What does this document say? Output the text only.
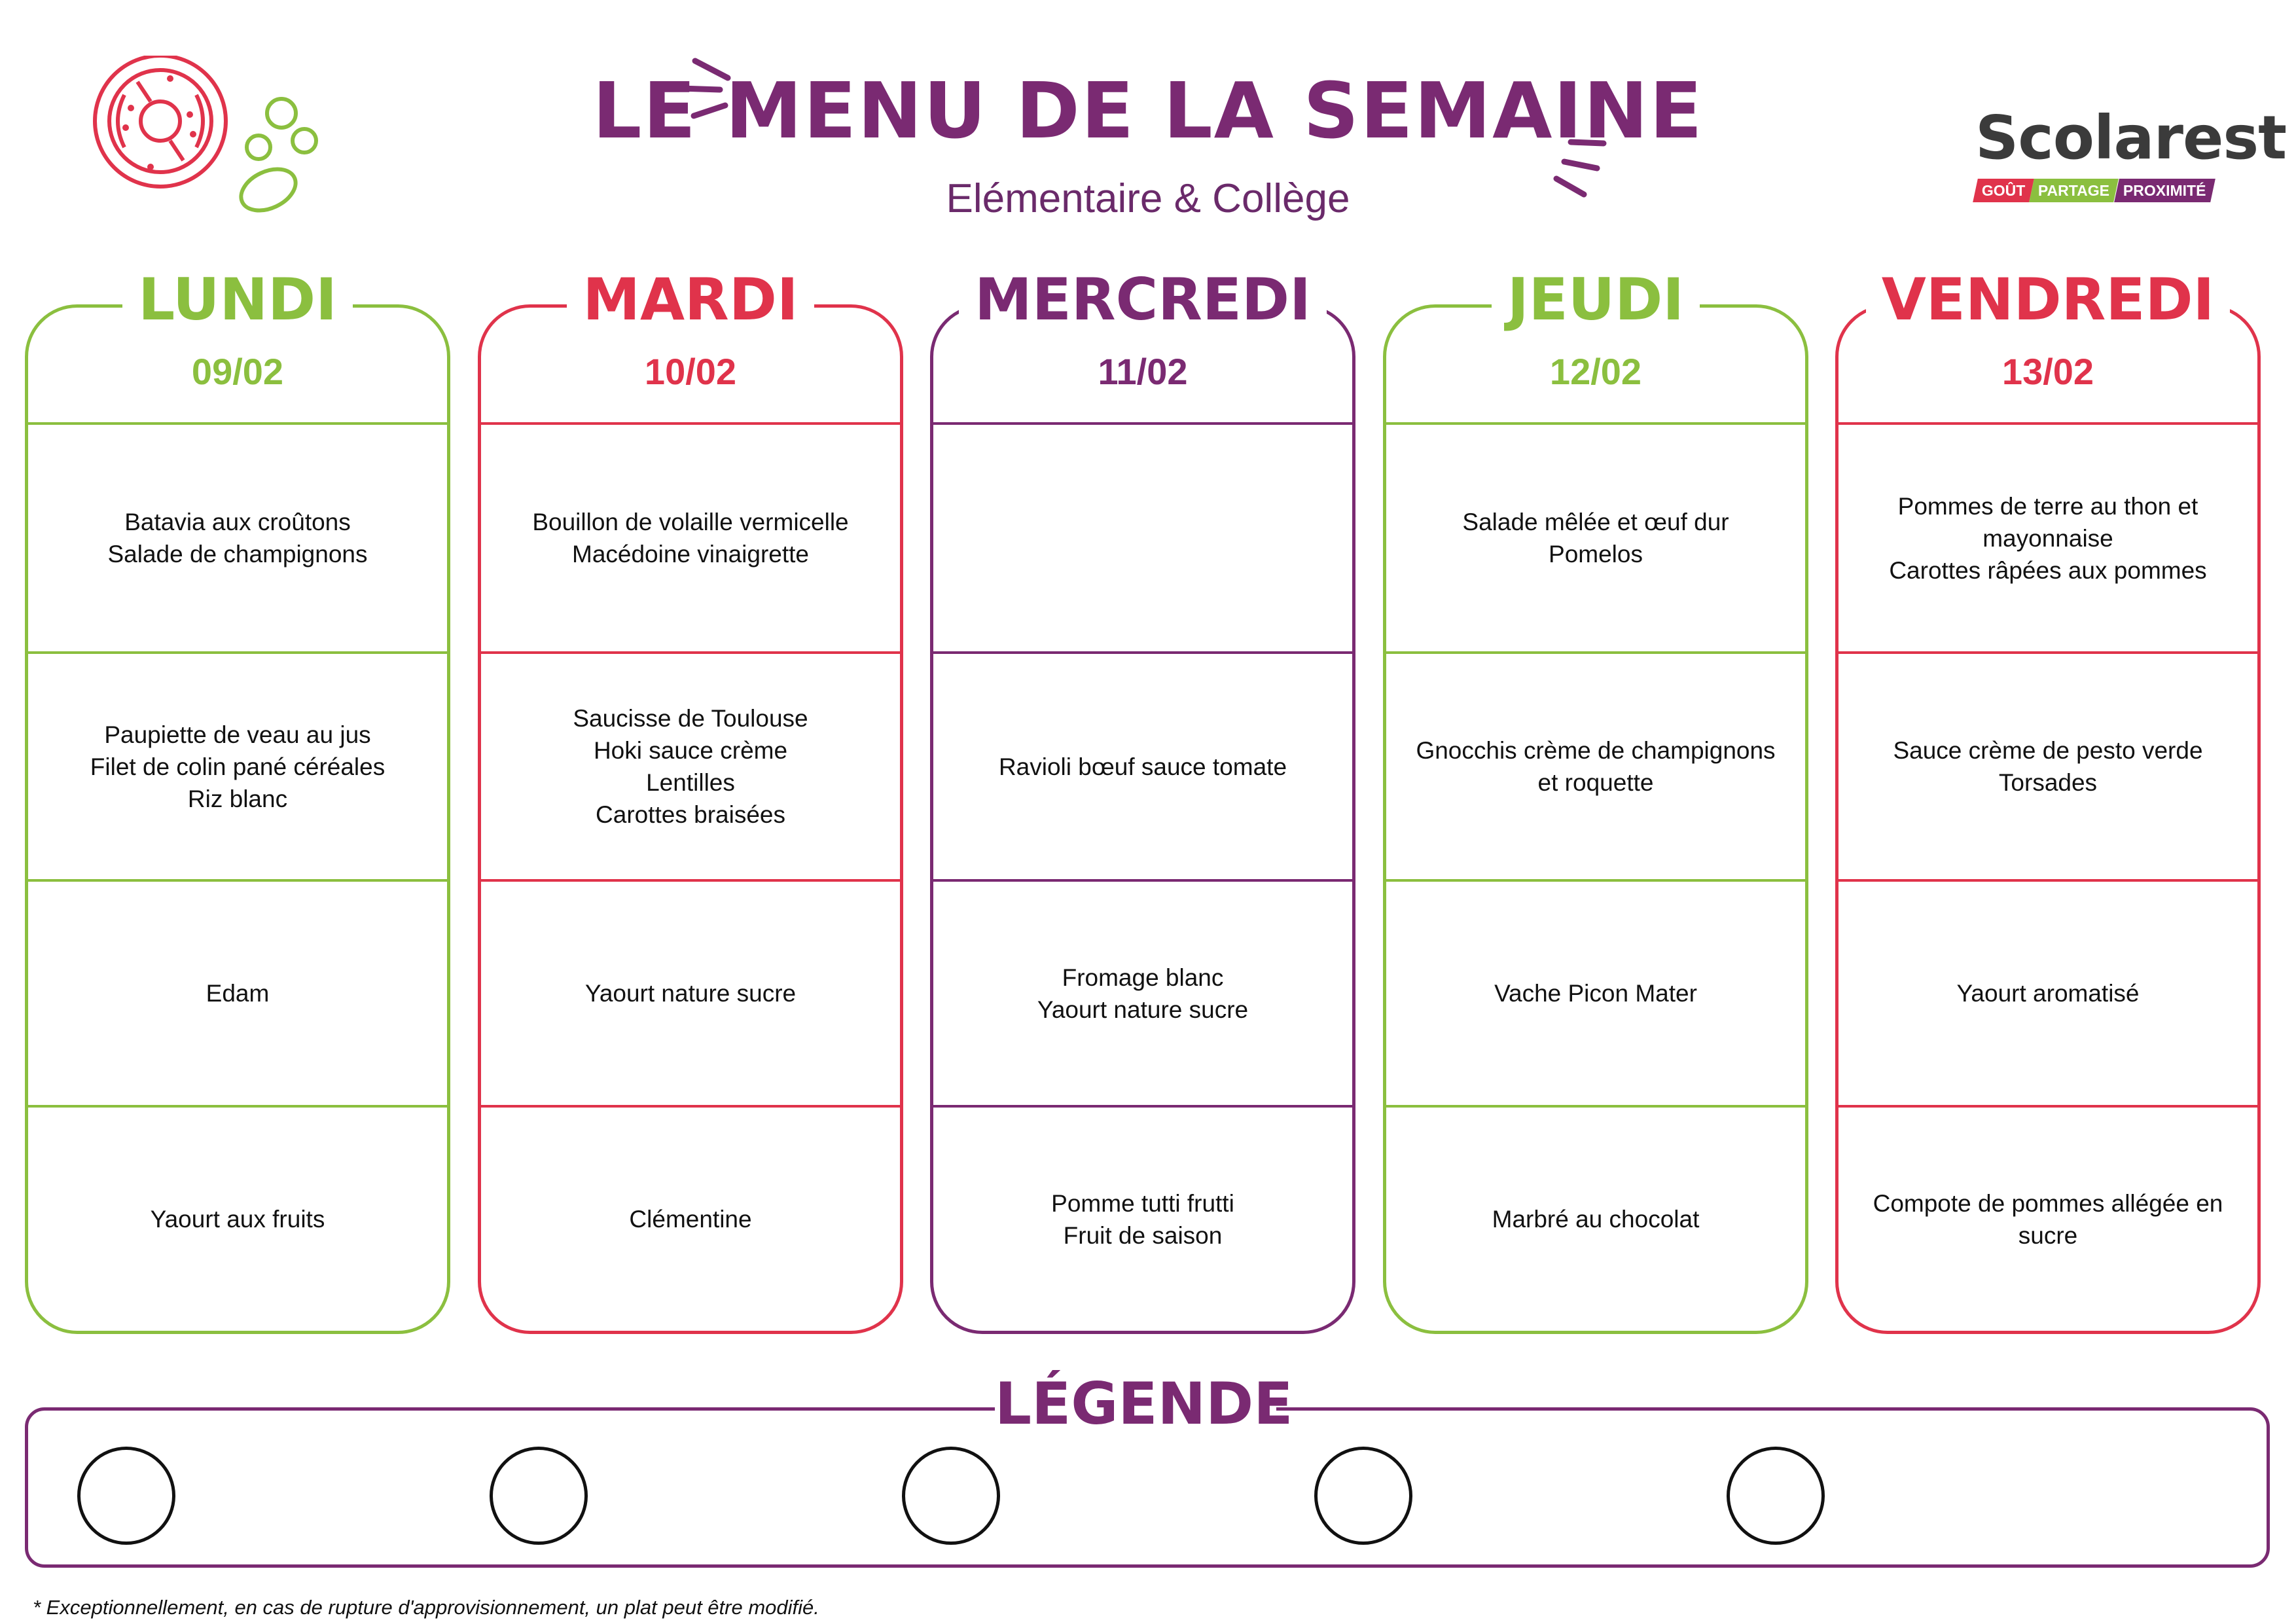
LE MENU DE LA SEMAINE
Elémentaire & Collège
Scolarest
GOÛT PARTAGE PROXIMITÉ
LUNDI
09/02
Batavia aux croûtons
Salade de champignons
Paupiette de veau au jus
Filet de colin pané céréales
Riz blanc
Edam
Yaourt aux fruits
MARDI
10/02
Bouillon de volaille vermicelle
Macédoine vinaigrette
Saucisse de Toulouse
Hoki sauce crème
Lentilles
Carottes braisées
Yaourt nature sucre
Clémentine
MERCREDI
11/02
Ravioli bœuf sauce tomate
Fromage blanc
Yaourt nature sucre
Pomme tutti frutti
Fruit de saison
JEUDI
12/02
Salade mêlée et œuf dur
Pomelos
Gnocchis crème de champignons et roquette
Vache Picon Mater
Marbré au chocolat
VENDREDI
13/02
Pommes de terre au thon et mayonnaise
Carottes râpées aux pommes
Sauce crème de pesto verde
Torsades
Yaourt aromatisé
Compote de pommes allégée en sucre
LÉGENDE
* Exceptionnellement, en cas de rupture d'approvisionnement, un plat peut être modifié.
